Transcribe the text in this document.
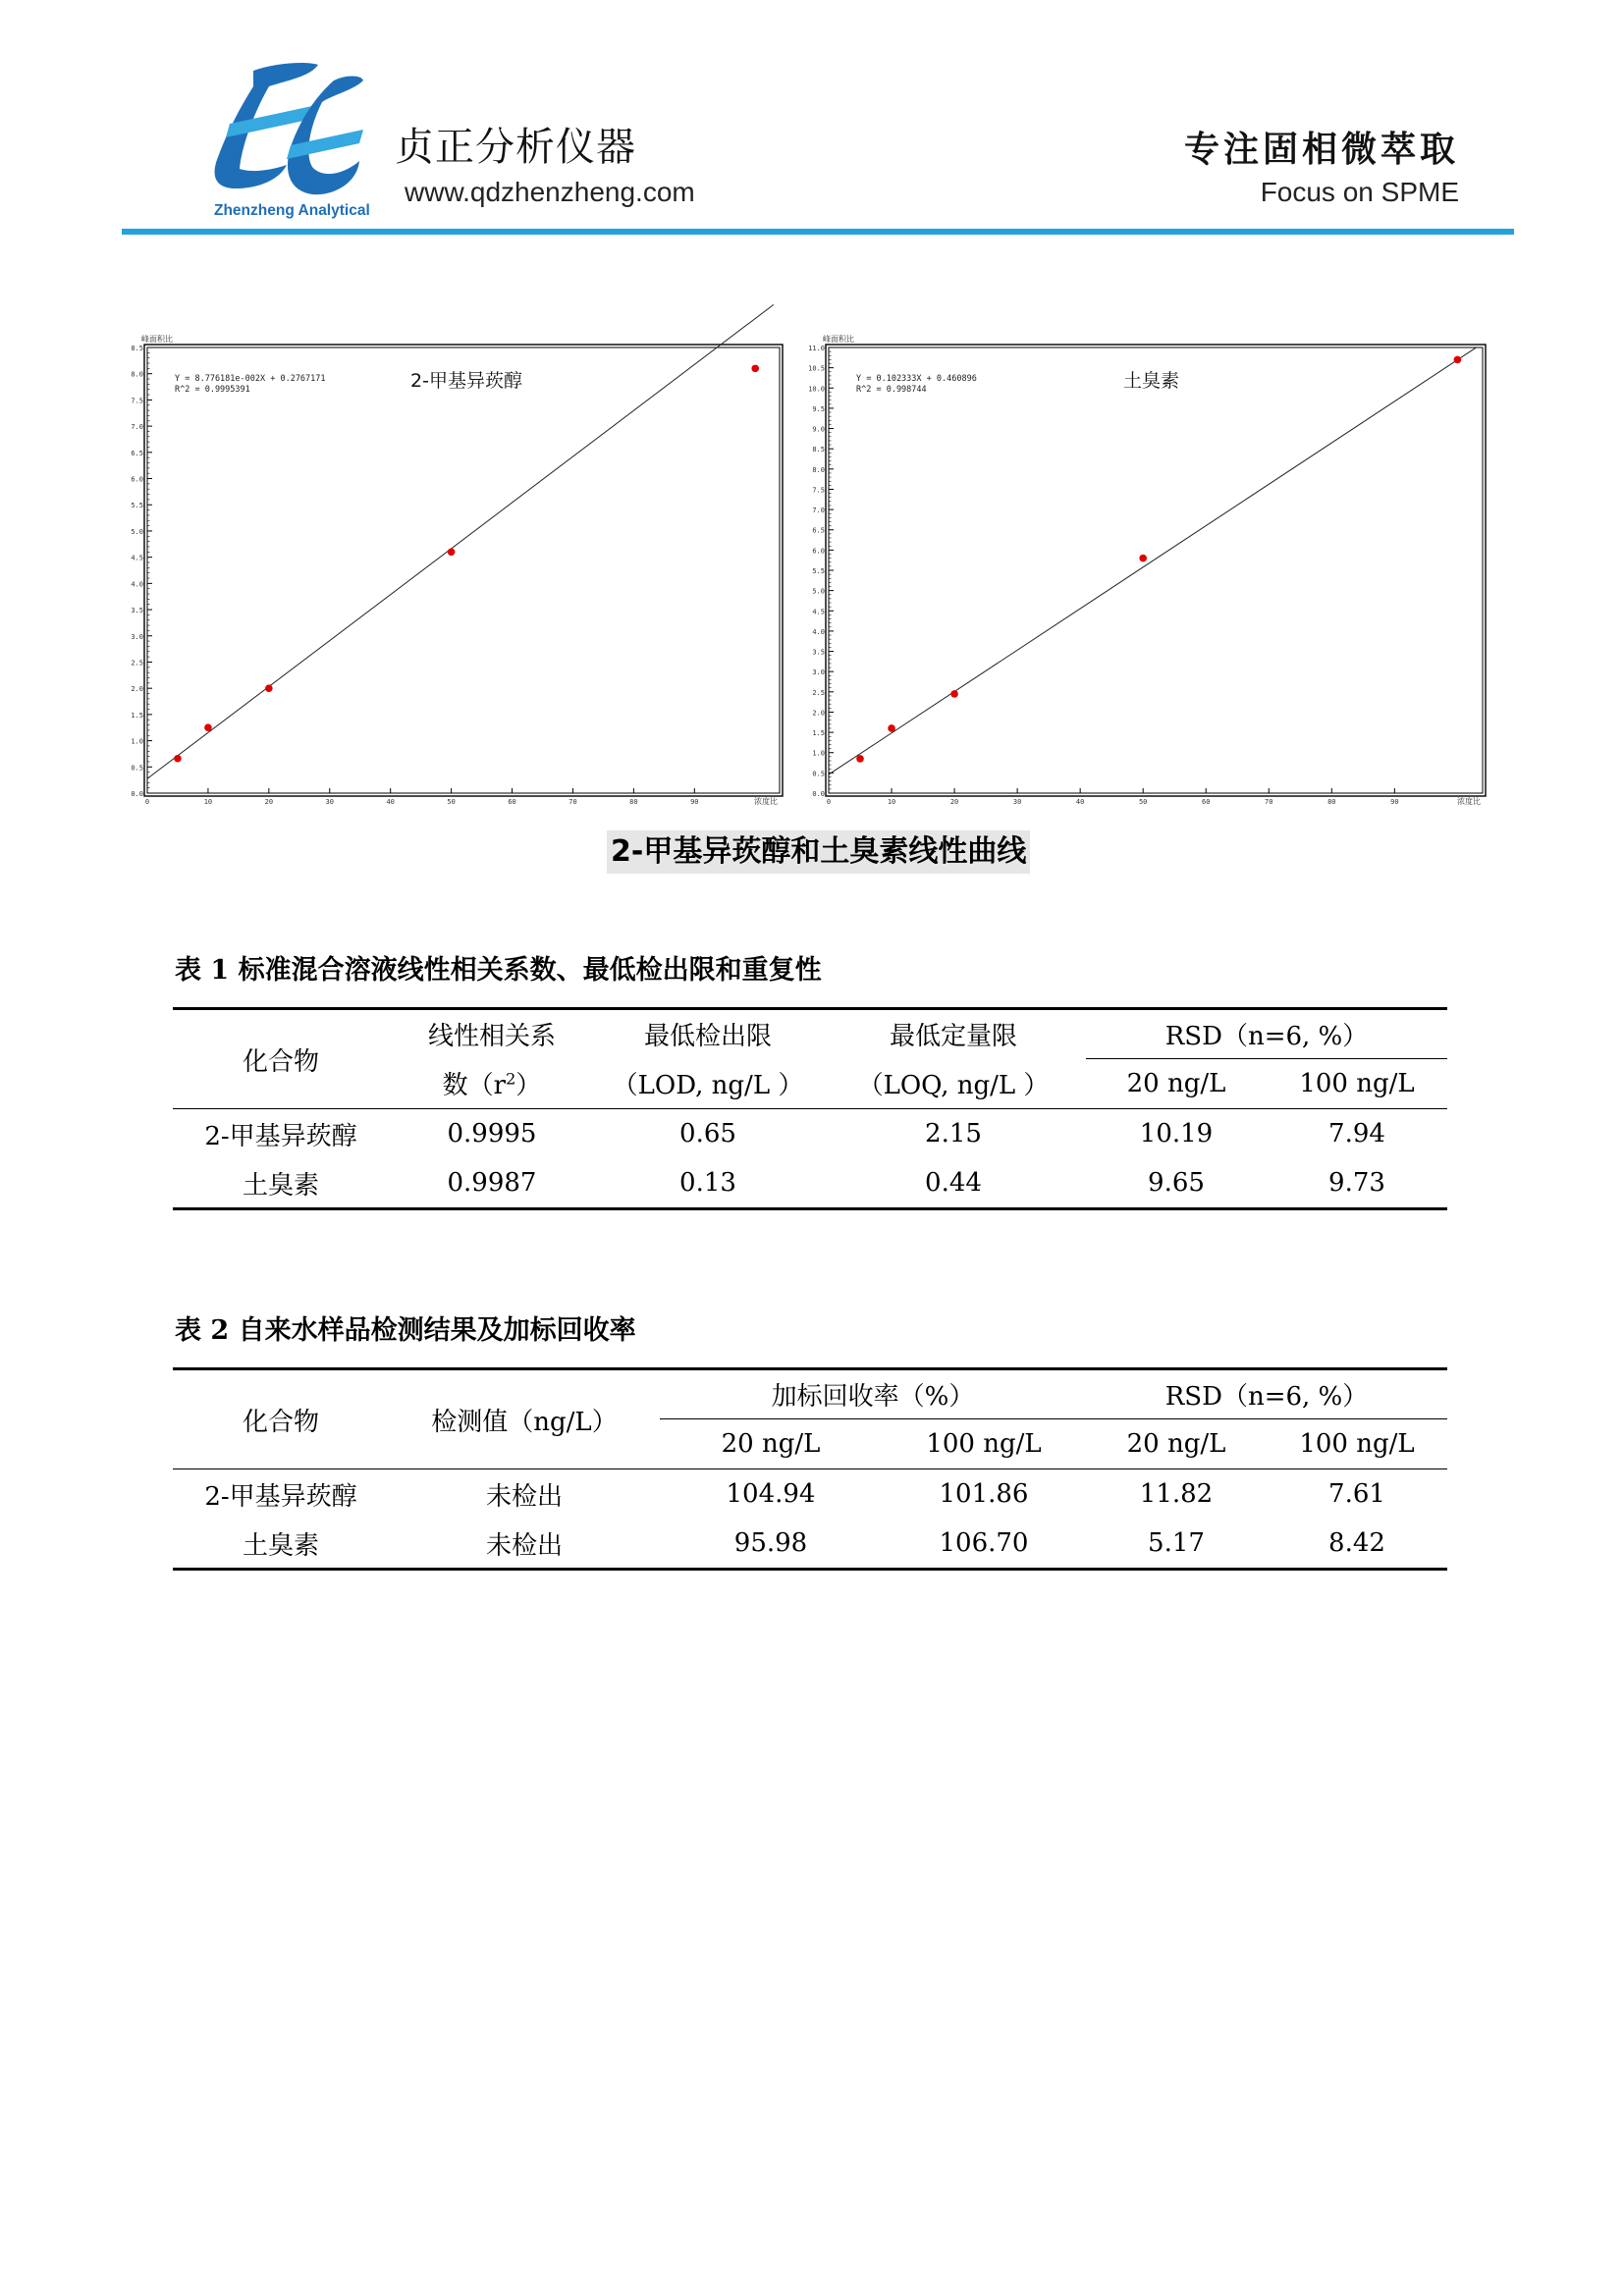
Zhenzheng Analytical
贞正分析仪器
www.qdzhenzheng.com
专注固相微萃取
Focus on SPME
0.0
0.5
1.0
1.5
2.0
2.5
3.0
3.5
4.0
4.5
5.0
5.5
6.0
6.5
7.0
7.5
8.0
8.5
0	10	20	30	40	50	60	70	80	90
峰面积比
浓度比
Y = 8.776181e-002X + 0.2767171
R^2 = 0.9995391	2-甲基异莰醇
0.0
0.5
1.0
1.5
2.0
2.5
3.0
3.5
4.0
4.5
5.0
5.5
6.0
6.5
7.0
7.5
8.0
8.5
9.0
9.5
10.0
10.5
11.0
0	10	20	30	40	50	60	70	80	90
峰面积比
浓度比
Y = 0.102333X + 0.460896
R^2 = 0.998744	土臭素
2-甲基异莰醇和土臭素线性曲线
表 1 标准混合溶液线性相关系数、最低检出限和重复性
化合物	线性相关系	最低检出限	最低定量限	RSD（n=6, %）	
	数$(r^2)$	（LOD, ng/L ）	（LOQ, ng/L ）	20 ng/L	100 ng/L
2-甲基异莰醇	0.9995	0.65	2.15	10.19	7.94
土臭素	0.9987	0.13	0.44	9.65	9.73
表 2 自来水样品检测结果及加标回收率
化合物	检测值（ng/L）	加标回收率（%）		RSD（n=6, %）	
		20 ng/L	100 ng/L	20 ng/L	100 ng/L
2-甲基异莰醇	未检出	104.94	101.86	11.82	7.61
土臭素	未检出	95.98	106.70	5.17	8.42
